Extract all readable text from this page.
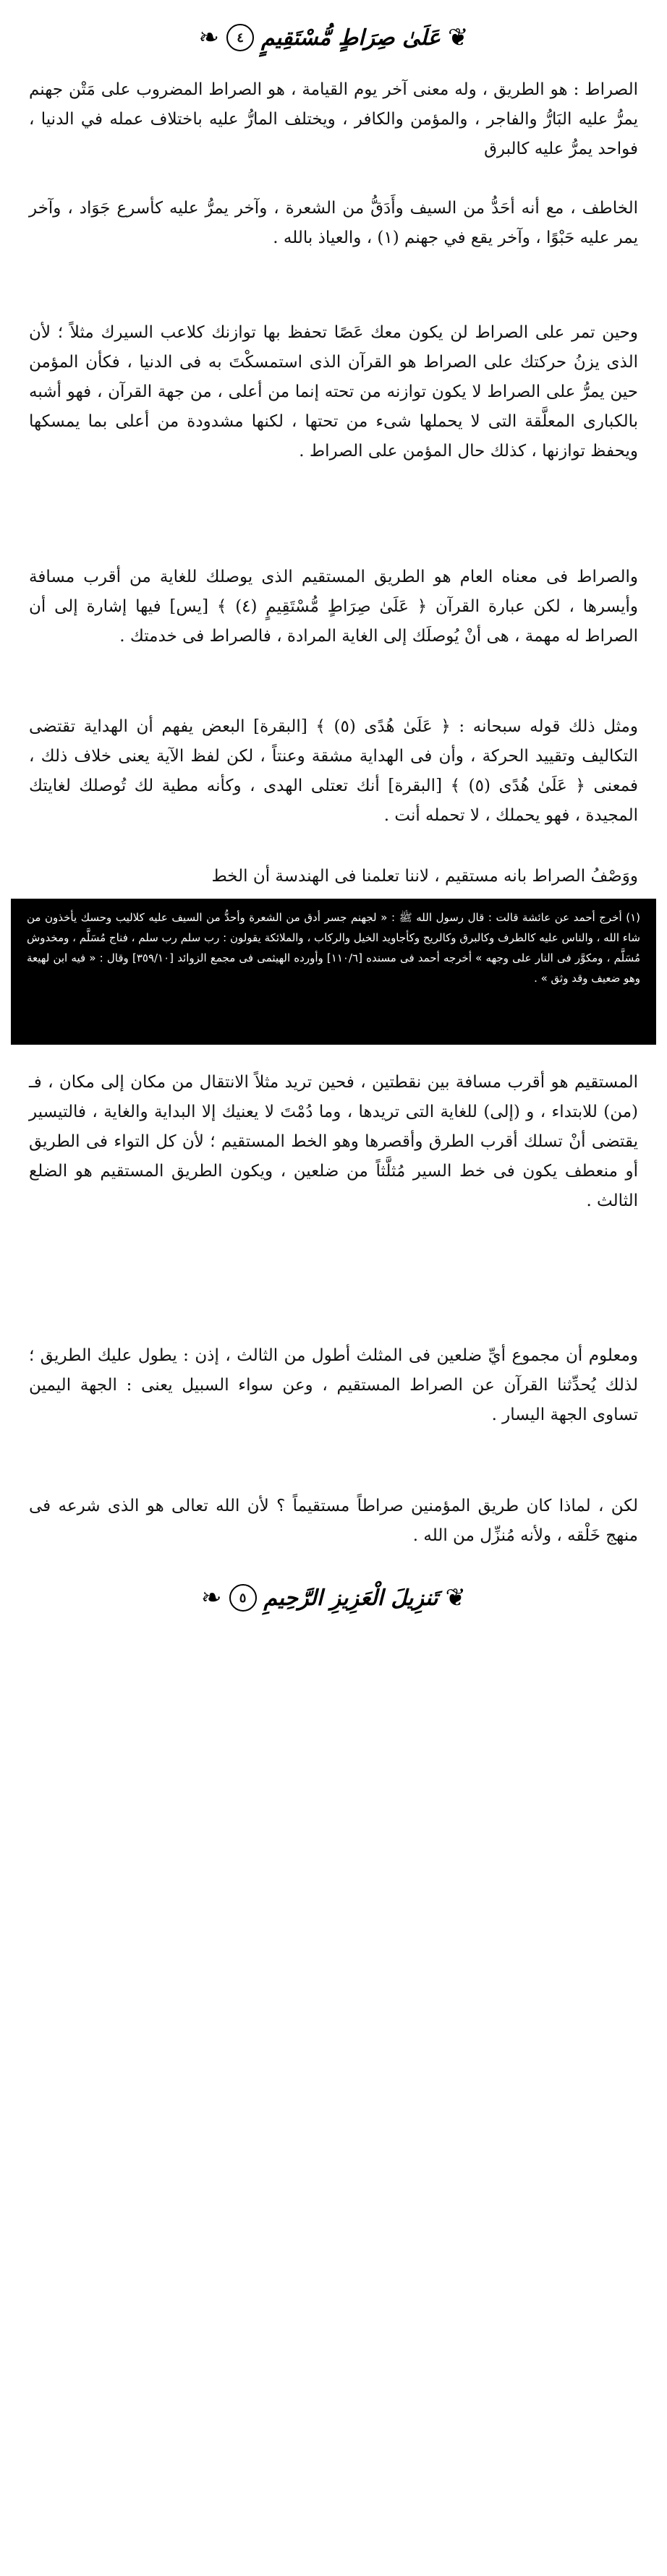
❦
عَلَىٰ صِرَاطٍ مُّسْتَقِيمٍ
٤
❧

الصراط : هو الطريق ، وله معنى آخر يوم القيامة ، هو الصراط المضروب على مَتْن جهنم يمرُّ عليه البَارُّ والفاجر ، والمؤمن والكافر ، ويختلف المارُّ عليه باختلاف عمله في الدنيا ، فواحد يمرُّ عليه كالبرق

الخاطف ، مع أنه أحَدُّ من السيف وأَدَقُّ من الشعرة ، وآخر يمرُّ عليه كأسرع جَوَاد ، وآخر يمر عليه حَبْوًا ، وآخر يقع في جهنم (١) ، والعياذ بالله .

وحين تمر على الصراط لن يكون معك عَصًا تحفظ بها توازنك كلاعب السيرك مثلاً ؛ لأن الذى يزنُ حركتك على الصراط هو القرآن الذى استمسكْتَ به فى الدنيا ، فكأن المؤمن حين يمرُّ على الصراط لا يكون توازنه من تحته إنما من أعلى ، من جهة القرآن ، فهو أشبه بالكبارى المعلَّقة التى لا يحملها شىء من تحتها ، لكنها مشدودة من أعلى بما يمسكها ويحفظ توازنها ، كذلك حال المؤمن على الصراط .

والصراط فى معناه العام هو الطريق المستقيم الذى يوصلك للغاية من أقرب مسافة وأيسرها ، لكن عبارة القرآن ﴿ عَلَىٰ صِرَاطٍ مُّسْتَقِيمٍ (٤) ﴾ [يس] فيها إشارة إلى أن الصراط له مهمة ، هى أنْ يُوصلَك إلى الغاية المرادة ، فالصراط فى خدمتك .

ومثل ذلك قوله سبحانه : ﴿ عَلَىٰ هُدًى (٥) ﴾ [البقرة] البعض يفهم أن الهداية تقتضى التكاليف وتقييد الحركة ، وأن فى الهداية مشقة وعنتاً ، لكن لفظ الآية يعنى خلاف ذلك ، فمعنى ﴿ عَلَىٰ هُدًى (٥) ﴾ [البقرة] أنك تعتلى الهدى ، وكأنه مطية لك تُوصلك لغايتك المجيدة ، فهو يحملك ، لا تحمله أنت .

ووَصْفُ الصراط بانه مستقيم ، لاننا تعلمنا فى الهندسة أن الخط

(١) أخرج أحمد عن عائشة قالت : قال رسول الله ﷺ : « لجهنم جسر أدق من الشعرة وأحدُّ من السيف عليه كلاليب وحسك يأخذون من شاء الله ، والناس عليه كالطرف وكالبرق وكالريح وكأجاويد الخيل والركاب ، والملائكة يقولون : رب سلم رب سلم ، فناج مُسَلَّم ، ومخدوش مُسَلَّم ، ومكوَّر فى النار على وجهه » أخرجه أحمد فى مسنده [١١٠/٦] وأورده الهيثمى فى مجمع الزوائد [٣٥٩/١٠] وقال : « فيه ابن لهيعة وهو ضعيف وقد وثق » .

المستقيم هو أقرب مسافة بين نقطتين ، فحين تريد مثلاً الانتقال من مكان إلى مكان ، فـ (من) للابتداء ، و (إلى) للغاية التى تريدها ، وما دُمْتَ لا يعنيك إلا البداية والغاية ، فالتيسير يقتضى أنْ تسلك أقرب الطرق وأقصرها وهو الخط المستقيم ؛ لأن كل التواء فى الطريق أو منعطف يكون فى خط السير مُثلَّثاً من ضلعين ، ويكون الطريق المستقيم هو الضلع الثالث .

ومعلوم أن مجموع أيِّ ضلعين فى المثلث أطول من الثالث ، إذن : يطول عليك الطريق ؛ لذلك يُحدِّثنا القرآن عن الصراط المستقيم ، وعن سواء السبيل يعنى : الجهة اليمين تساوى الجهة اليسار .

لكن ، لماذا كان طريق المؤمنين صراطاً مستقيماً ؟ لأن الله تعالى هو الذى شرعه فى منهج خَلْقه ، ولأنه مُنزِّل من الله .

❦
تَنزِيلَ الْعَزِيزِ الرَّحِيمِ
٥
❧
